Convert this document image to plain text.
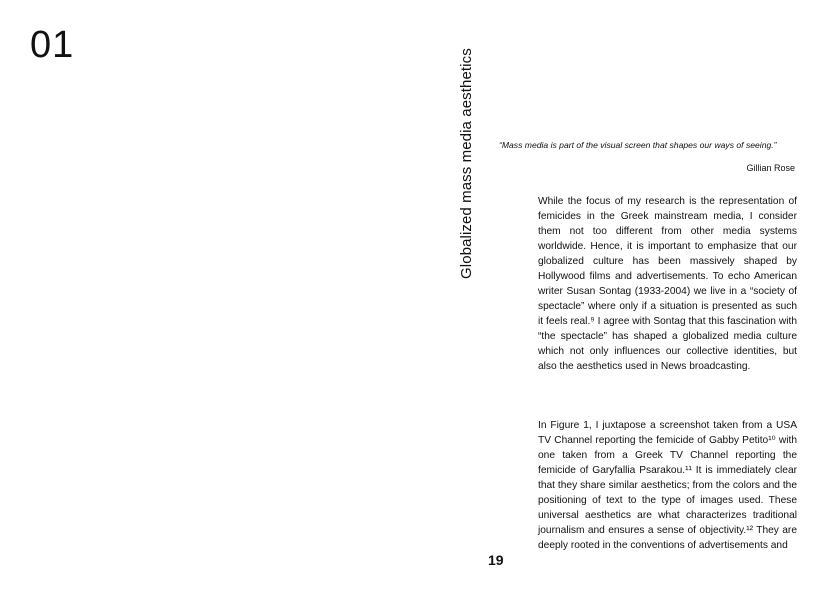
01
Globalized mass media aesthetics	“Mass media is part of the visual screen that shapes our ways of seeing.”
Gillian Rose

While the focus of my research is the representation of femicides in the Greek mainstream media, I consider them not too different from other media systems worldwide. Hence, it is important to emphasize that our globalized culture has been massively shaped by Hollywood films and advertisements. To echo American writer Susan Sontag (1933-2004) we live in a “society of spectacle” where only if a situation is presented as such it feels real.⁹ I agree with Sontag that this fascination with “the spectacle” has shaped a globalized media culture which not only influences our collective identities, but also the aesthetics used in News broadcasting.

In Figure 1, I juxtapose a screenshot taken from a USA TV Channel reporting the femicide of Gabby Petito¹⁰ with one taken from a Greek TV Channel reporting the femicide of Garyfallia Psarakou.¹¹ It is immediately clear that they share similar aesthetics; from the colors and the positioning of text to the type of images used. These universal aesthetics are what characterizes traditional journalism and ensures a sense of objectivity.¹² They are deeply rooted in the conventions of advertisements and

19
